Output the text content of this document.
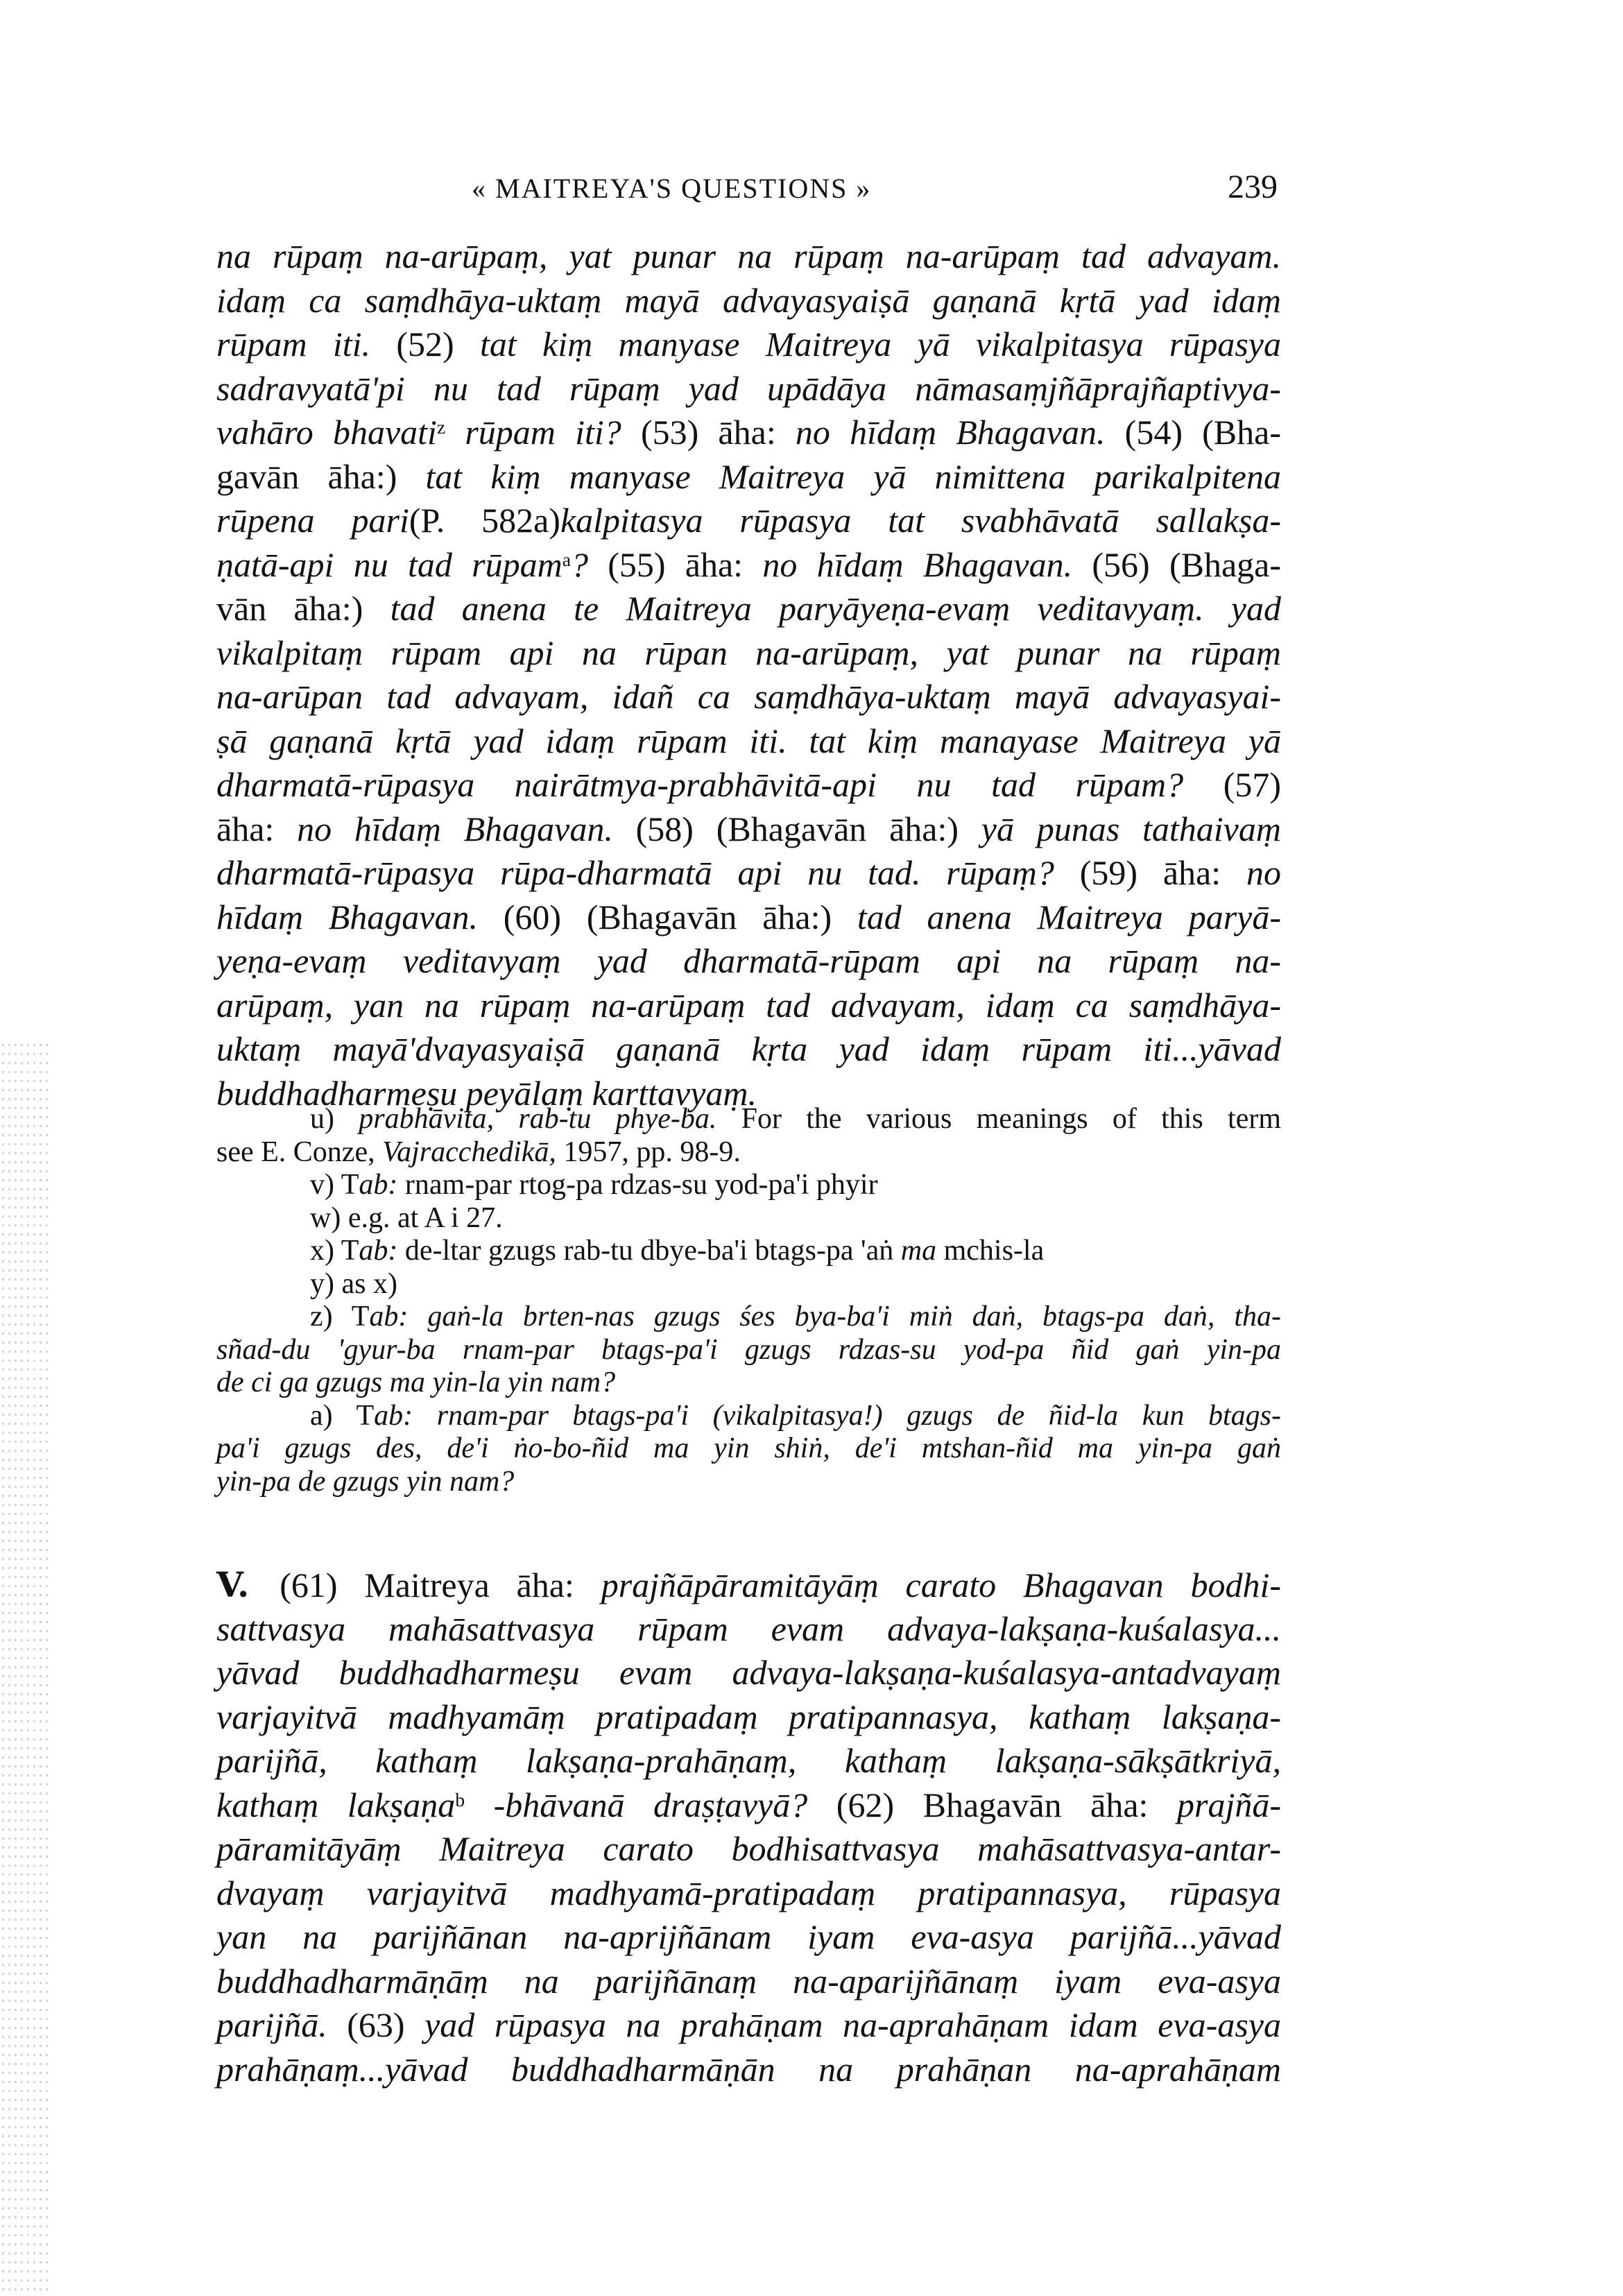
« MAITREYA'S QUESTIONS »	239
na rūpaṃ na-arūpaṃ, yat punar na rūpaṃ na-arūpaṃ tad advayam.
idaṃ ca saṃdhāya-uktaṃ mayā advayasyaiṣā gaṇanā kṛtā yad idaṃ
rūpam iti. (52) tat kiṃ manyase Maitreya yā vikalpitasya rūpasya
sadravyatā'pi nu tad rūpaṃ yad upādāya nāmasaṃjñāprajñaptivya-
vahāro bhavati$^z$ rūpam iti? (53) āha: no hīdaṃ Bhagavan. (54) (Bha-
gavān āha:) tat kiṃ manyase Maitreya yā nimittena parikalpitena
rūpena pari(P. 582a)kalpitasya rūpasya tat svabhāvatā sallakṣa-
ṇatā-api nu tad rūpam$^a$? (55) āha: no hīdaṃ Bhagavan. (56) (Bhaga-
vān āha:) tad anena te Maitreya paryāyeṇa-evaṃ veditavyaṃ. yad
vikalpitaṃ rūpam api na rūpan na-arūpaṃ, yat punar na rūpaṃ
na-arūpan tad advayam, idañ ca saṃdhāya-uktaṃ mayā advayasyai-
ṣā gaṇanā kṛtā yad idaṃ rūpam iti. tat kiṃ manayase Maitreya yā
dharmatā-rūpasya nairātmya-prabhāvitā-api nu tad rūpam? (57)
āha: no hīdaṃ Bhagavan. (58) (Bhagavān āha:) yā punas tathaivaṃ
dharmatā-rūpasya rūpa-dharmatā api nu tad. rūpaṃ? (59) āha: no
hīdaṃ Bhagavan. (60) (Bhagavān āha:) tad anena Maitreya paryā-
yeṇa-evaṃ veditavyaṃ yad dharmatā-rūpam api na rūpaṃ na-
arūpaṃ, yan na rūpaṃ na-arūpaṃ tad advayam, idaṃ ca saṃdhāya-
uktaṃ mayā'dvayasyaiṣā gaṇanā kṛta yad idaṃ rūpam iti...yāvad
buddhadharmeṣu peyālaṃ karttavyaṃ.
u) prabhāvita, rab-tu phye-ba. For the various meanings of this term
see E. Conze, Vajracchedikā, 1957, pp. 98-9.
v) Tab: rnam-par rtog-pa rdzas-su yod-pa'i phyir
w) e.g. at A i 27.
x) Tab: de-ltar gzugs rab-tu dbye-ba'i btags-pa 'aṅ ma mchis-la
y) as x)
z) Tab: gaṅ-la brten-nas gzugs śes bya-ba'i miṅ daṅ, btags-pa daṅ, tha-
sñad-du 'gyur-ba rnam-par btags-pa'i gzugs rdzas-su yod-pa ñid gaṅ yin-pa
de ci ga gzugs ma yin-la yin nam?
a) Tab: rnam-par btags-pa'i (vikalpitasya!) gzugs de ñid-la kun btags-
pa'i gzugs des, de'i ṅo-bo-ñid ma yin shiṅ, de'i mtshan-ñid ma yin-pa gaṅ
yin-pa de gzugs yin nam?
V. (61) Maitreya āha: prajñāpāramitāyāṃ carato Bhagavan bodhi-
sattvasya mahāsattvasya rūpam evam advaya-lakṣaṇa-kuśalasya...
yāvad buddhadharmeṣu evam advaya-lakṣaṇa-kuśalasya-antadvayaṃ
varjayitvā madhyamāṃ pratipadaṃ pratipannasya, kathaṃ lakṣaṇa-
parijñā, kathaṃ lakṣaṇa-prahāṇaṃ, kathaṃ lakṣaṇa-sākṣātkriyā,
kathaṃ lakṣaṇa$^b$ -bhāvanā draṣṭavyā? (62) Bhagavān āha: prajñā-
pāramitāyāṃ Maitreya carato bodhisattvasya mahāsattvasya-antar-
dvayaṃ varjayitvā madhyamā-pratipadaṃ pratipannasya, rūpasya
yan na parijñānan na-aprijñānam iyam eva-asya parijñā...yāvad
buddhadharmāṇāṃ na parijñānaṃ na-aparijñānaṃ iyam eva-asya
parijñā. (63) yad rūpasya na prahāṇam na-aprahāṇam idam eva-asya
prahāṇaṃ...yāvad buddhadharmāṇān na prahāṇan na-aprahāṇam
